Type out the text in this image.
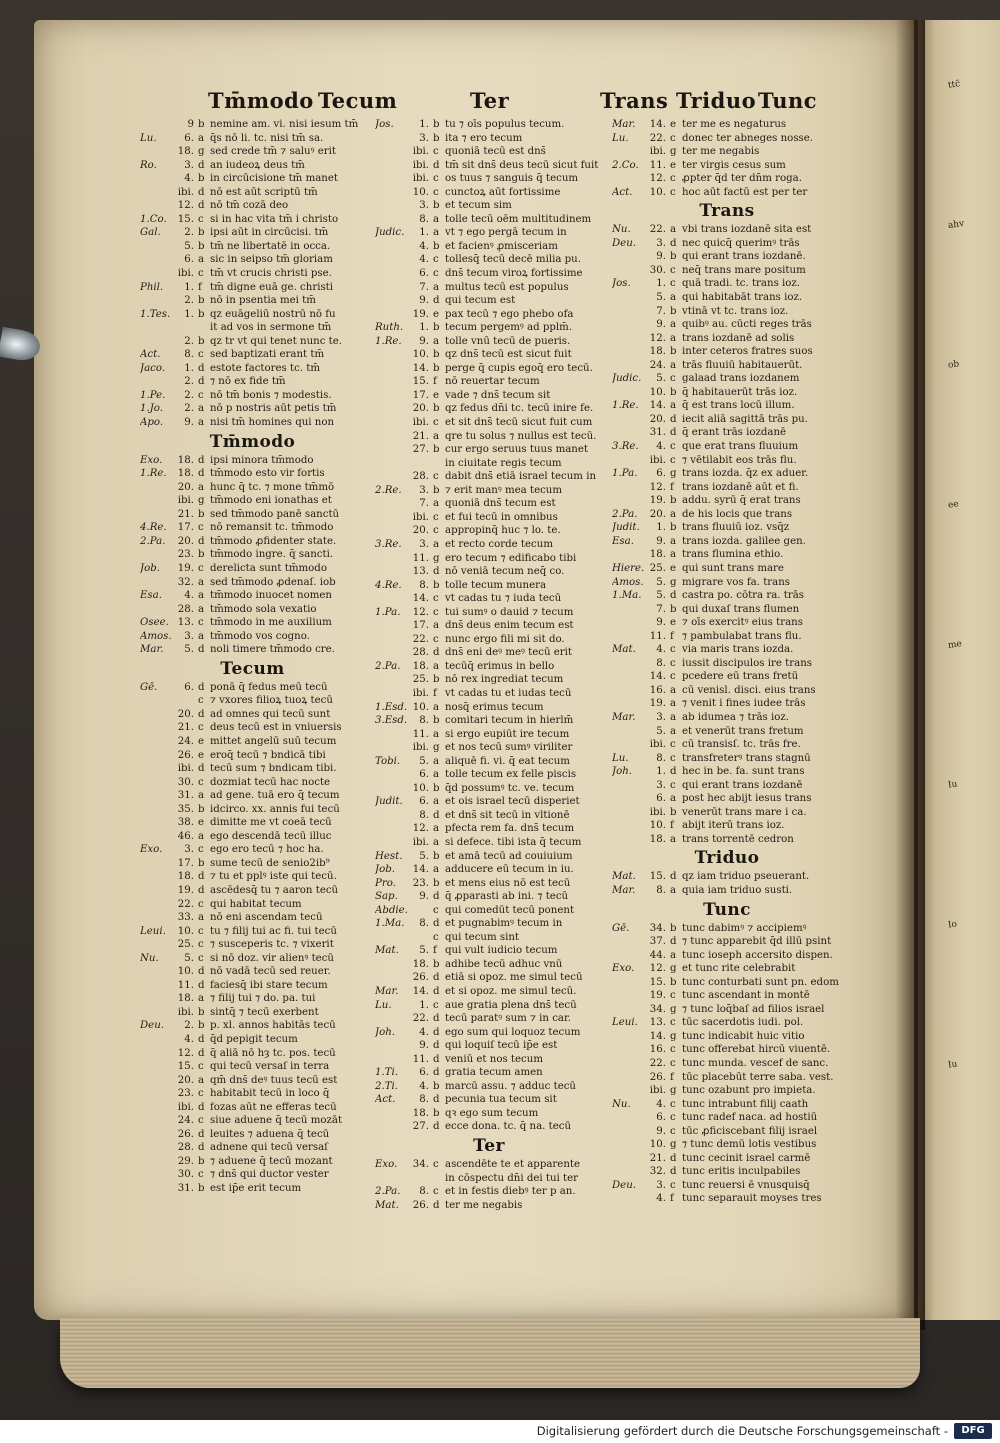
ttc̄
ahv
ob
ee
me
Iu
Io
Iu
Tm̄modo Tecum	Ter	Trans Triduo Tunc
9 b nemine am. vi. nisi iesum tm̄
Lu.	6. a q̄s nō li. tc. nisi tm̄ sa.
18. g sed crede tm̄ ⁊ saluꝰ erit
Ro.	3. d an iudeoꝝ deus tm̄
4. b in circūcisione tm̄ manet
ibi. d nō est aūt scriptū tm̄
12. d nō tm̄ cozā deo
1.Co.	15. c si in hac vita tm̄ i christo
Gal.	2. b ipsi aūt in circūcisi. tm̄
5. b tm̄ ne libertatē in occa.
6. a sic in seipso tm̄ gloriam
ibi. c tm̄ vt crucis christi pse.
Phil.	1. f tm̄ digne euā ge. christi
2. b nō in psentia mei tm̄
1.Tes.	1. b qz euāgeliū nostrū nō fu
it ad vos in sermone tm̄
2. b qz tr vt qui tenet nunc te.
Act.	8. c sed baptizati erant tm̄
Jaco.	1. d estote factores tc. tm̄
2. d ⁊ nō ex fide tm̄
1.Pe.	2. c nō tm̄ bonis ⁊ modestis.
1.Jo.	2. a nō p nostris aūt petis tm̄
Apo.	9. a nisi tm̄ homines qui non
Tm̄modo
Exo.	18. d ipsi minora tm̄modo
1.Re.	18. d tm̄modo esto vir fortis
20. a hunc q̄ tc. ⁊ mone tm̄mō
ibi. g tm̄modo eni ionathas et
21. b sed tm̄modo panē sanctū
4.Re.	17. c nō remansit tc. tm̄modo
2.Pa.	20. d tm̄modo ꝓfidenter state.
23. b tm̄modo ingre. q̄ sancti.
Job.	19. c derelicta sunt tm̄modo
32. a sed tm̄modo ꝓdenaſ. iob
Esa.	4. a tm̄modo inuocet nomen
28. a tm̄modo sola vexatio
Osee. 13. c tm̄modo in me auxilium
Amos.	3. a tm̄modo vos cogno.
Mar.	5. d noli timere tm̄modo cre.
Tecum
Gē.	6. d ponā q̄ fedus meū tecū
c ⁊ vxores filioꝝ tuoꝝ tecū
20. d ad omnes qui tecū sunt
21. c deus tecū est in vniuersis
24. e mittet angelū suū tecum
26. e eroq̄ tecū ⁊ bndicā tibi
ibi. d tecū sum ⁊ bndicam tibi.
30. c dozmiat tecū hac nocte
31. a ad gene. tuā ero q̄ tecum
35. b idcirco. xx. annis fui tecū
38. e dimitte me vt coeā tecū
46. a ego descendā tecū illuc
Exo.	3. c ego ero tecū ⁊ hoc ha.
17. b sume tecū de senio2ib⁹
18. d ⁊ tu et pplꝰ iste qui tecū.
19. d ascēdesq̄ tu ⁊ aaron tecū
22. c qui habitat tecum
33. a nō eni ascendam tecū
Leui.	10. c tu ⁊ filij tui ac fi. tui tecū
25. c ⁊ susceperis tc. ⁊ vixerit
Nu.	5. c si nō doz. vir alienꝰ tecū
10. d nō vadā tecū sed reuer.
11. d faciesq̄ ibi stare tecum
18. a ⁊ filij tui ⁊ do. pa. tui
ibi. b sintq̄ ⁊ tecū exerbent
Deu.	2. b p. xl. annos habitās tecū
4. d q̄d pepigit tecum
12. d q̄ aliā nō hȝ tc. pos. tecū
15. c qui tecū versaſ in terra
20. a qm̄ dns̄ deꝰ tuus tecū est
23. c habitabit tecū in loco q̄
ibi. d fozas aūt ne efferas tecū
24. c siue aduene q̄ tecū mozāt
26. d leuites ⁊ aduena q̄ tecū
28. d adnene qui tecū versaſ
29. b ⁊ aduene q̄ tecū mozant
30. c ⁊ dns̄ qui ductor vester
31. b est ip̄e erit tecum
Jos.	1. b tu ⁊ oīs populus tecum.
3. b ita ⁊ ero tecum
ibi. c quoniā tecū est dns̄
ibi. d tm̄ sit dns̄ deus tecū sicut fuit
ibi. c os tuus ⁊ sanguis q̄ tecum
10. c cunctoꝝ aūt fortissime
3. b et tecum sim
8. a tolle tecū oēm multitudinem
Judic.	1. a vt ⁊ ego pergā tecum in
4. b et facienꝰ ꝓmisceriam
4. c tollesq̄ tecū decē milia pu.
6. c dns̄ tecum viroꝝ fortissime
7. a multus tecū est populus
9. d qui tecum est
19. e pax tecū ⁊ ego phebo ofa
Ruth.	1. b tecum pergemꝰ ad pplm̄.
1.Re.	9. a tolle vnū tecū de pueris.
10. b qz dns̄ tecū est sicut fuit
14. b perge q̄ cupis egoq̄ ero tecū.
15. f nō reuertar tecum
17. e vade ⁊ dns̄ tecum sit
20. b qz fedus dn̄i tc. tecū inire fe.
ibi. c et sit dns̄ tecū sicut fuit cum
21. a qre tu solus ⁊ nullus est tecū.
27. b cur ergo seruus tuus manet
in ciuitate regis tecum
28. c dabit dns̄ etiā israel tecum in
2.Re.	3. b ⁊ erit manꝰ mea tecum
7. a quoniā dns̄ tecum est
ibi. c et fui tecū in omnibus
20. c appropinq̄ huc ⁊ lo. te.
3.Re.	3. a et recto corde tecum
11. g ero tecum ⁊ edificabo tibi
13. d nō veniā tecum neq̄ co.
4.Re.	8. b tolle tecum munera
14. c vt cadas tu ⁊ iuda tecū
1.Pa.	12. c tui sumꝰ o dauid ⁊ tecum
17. a dns̄ deus enim tecum est
22. c nunc ergo fili mi sit do.
28. d dns̄ eni deꝰ meꝰ tecū erit
2.Pa.	18. a tecūq̄ erimus in bello
25. b nō rex ingrediat tecum
ibi. f vt cadas tu et iudas tecū
1.Esd. 10. a nosq̄ erimus tecum
3.Esd.	8. b comitari tecum in hierlm̄
11. a si ergo eupiūt ire tecum
ibi. g et nos tecū sumꝰ viriliter
Tobi.	5. a aliquē fi. vi. q̄ eat tecum
6. a tolle tecum ex felle piscis
10. b q̄d possumꝰ tc. ve. tecum
Judit.	6. a et ois israel tecū disperiet
8. d et dns̄ sit tecū in vltionē
12. a pfecta rem fa. dns̄ tecum
ibi. a si defece. tibi ista q̄ tecum
Hest.	5. b et amā tecū ad couiuium
Job.	14. a adducere eū tecum in iu.
Pro.	23. b et mens eius nō est tecū
Sap.	9. d q̄ ꝓparasti ab ini. ⁊ tecū
Abdie. c qui comedūt tecū ponent
1.Ma.	8. d et pugnabimꝰ tecum in
c qui tecum sint
Mat.	5. f qui vult iudicio tecum
18. b adhibe tecū adhuc vnū
26. d etiā si opoz. me simul tecū
Mar.	14. d et si opoz. me simul tecū.
Lu.	1. c aue gratia plena dns̄ tecū
22. d tecū paratꝰ sum ⁊ in car.
Joh.	4. d ego sum qui loquoz tecum
9. d qui loquiſ tecū ip̄e est
11. d veniū et nos tecum
1.Ti.	6. d gratia tecum amen
2.Ti.	4. b marcū assu. ⁊ adduc tecū
Act.	8. d pecunia tua tecum sit
18. b qꝛ ego sum tecum
27. d ecce dona. tc. q̄ na. tecū
Ter
Exo.	34. c ascendēte te et apparente
in cōspectu dn̄i dei tui ter
2.Pa.	8. c et in festis diebꝰ ter p an.
Mat.	26. d ter me negabis
Mar.	14. e ter me es negaturus
Lu.	22. c donec ter abneges nosse.
ibi. g ter me negabis
2.Co.	11. e ter virgis cesus sum
12. c ꝓpter q̄d ter dn̄m roga.
Act.	10. c hoc aūt factū est per ter
Trans
Nu.	22. a vbi trans iozdanē sita est
Deu.	3. d nec quicq̄ querimꝰ trās
9. b qui erant trans iozdanē.
30. c neq̄ trans mare positum
Jos.	1. c quā tradi. tc. trans ioz.
5. a qui habitabāt trans ioz.
7. b vtinā vt tc. trans ioz.
9. a quibꝰ au. cūcti reges trās
12. a trans iozdanē ad solis
18. b inter ceteros fratres suos
24. a trās fluuiū habitauerūt.
Judic.	5. c galaad trans iozdanem
10. b q̄ habitauerūt trās ioz.
1.Re.	14. a q̄ est trans locū illum.
20. d iecit aliā sagittā trās pu.
31. d q̄ erant trās iozdanē
3.Re.	4. c que erat trans fluuium
ibi. c ⁊ vētilabit eos trās flu.
1.Pa.	6. g trans iozda. q̄z ex aduer.
12. f trans iozdanē aūt et fi.
19. b addu. syrū q̄ erat trans
2.Pa.	20. a de his locis que trans
Judit.	1. b trans fluuiū ioz. vsq̄z
Esa.	9. a trans iozda. galilee gen.
18. a trans flumina ethio.
Hiere. 25. e qui sunt trans mare
Amos.	5. g migrare vos fa. trans
1.Ma.	5. d castra po. cōtra ra. trās
7. b qui duxaſ trans flumen
9. e ⁊ oīs exercitꝰ eius trans
11. f ⁊ pambulabat trans flu.
Mat.	4. c via maris trans iozda.
8. c iussit discipulos ire trans
14. c pcedere eū trans fretū
16. a cū venisl. disci. eius trans
19. a ⁊ venit i fines iudee trās
Mar.	3. a ab idumea ⁊ trās ioz.
5. a et venerūt trans fretum
ibi. c cū transisſ. tc. trās fre.
Lu.	8. c transfreterꝰ trans stagnū
Joh.	1. d hec in be. fa. sunt trans
3. c qui erant trans iozdanē
6. a post hec abijt iesus trans
ibi. b venerūt trans mare i ca.
10. f abijt iterū trans ioz.
18. a trans torrentē cedron
Triduo
Mat.	15. d qz iam triduo pseuerant.
Mar.	8. a quia iam triduo susti.
Tunc
Gē.	34. b tunc dabimꝰ ⁊ accipiemꝰ
37. d ⁊ tunc apparebit q̄d illū psint
44. a tunc ioseph accersito dispen.
Exo.	12. g et tunc rite celebrabit
15. b tunc conturbati sunt pn. edom
19. c tunc ascendant in montē
34. g ⁊ tunc loq̄baſ ad filios israel
Leui.	13. c tūc sacerdotis iudi. pol.
14. g tunc indicabit huic vitio
16. c tunc offerebat hircū viuentē.
22. c tunc munda. vescef de sanc.
26. f tūc placebūt terre saba. vest.
ibi. g tunc ozabunt pro impieta.
Nu.	4. c tunc intrabunt filij caath
6. c tunc radef naca. ad hostiū
9. c tūc ꝓficiscebant filij israel
10. g ⁊ tunc demū lotis vestibus
21. d tunc cecinit israel carmē
32. d tunc eritis inculpabiles
Deu.	3. c tunc reuersi ē vnusquisq̄
4. f tunc separauit moyses tres
Digitalisierung gefördert durch die Deutsche Forschungsgemeinschaft -	DFG
